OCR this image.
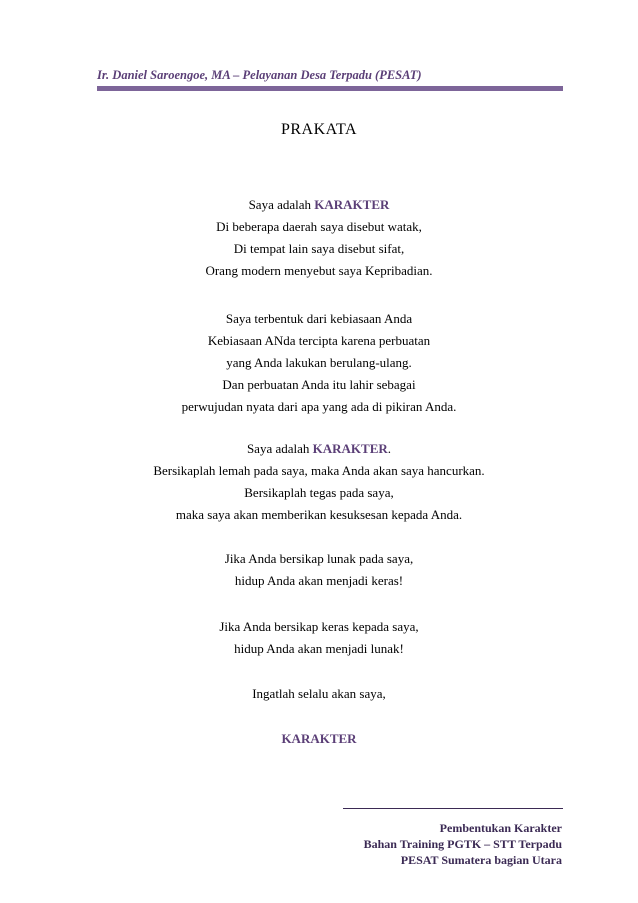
Ir. Daniel Saroengoe, MA – Pelayanan Desa Terpadu (PESAT)
PRAKATA
Saya adalah KARAKTER
Di beberapa daerah saya disebut watak,
Di tempat lain saya disebut sifat,
Orang modern menyebut saya Kepribadian.
Saya terbentuk dari kebiasaan Anda
Kebiasaan ANda tercipta karena perbuatan
yang Anda lakukan berulang-ulang.
Dan perbuatan Anda itu lahir sebagai
perwujudan nyata dari apa yang ada di pikiran Anda.
Saya adalah KARAKTER.
Bersikaplah lemah pada saya, maka Anda akan saya hancurkan.
Bersikaplah tegas pada saya,
maka saya akan memberikan kesuksesan kepada Anda.
Jika Anda bersikap lunak pada saya,
hidup Anda akan menjadi keras!
Jika Anda bersikap keras kepada saya,
hidup Anda akan menjadi lunak!
Ingatlah selalu akan saya,
KARAKTER
Pembentukan Karakter
Bahan Training PGTK – STT Terpadu
PESAT Sumatera bagian Utara
